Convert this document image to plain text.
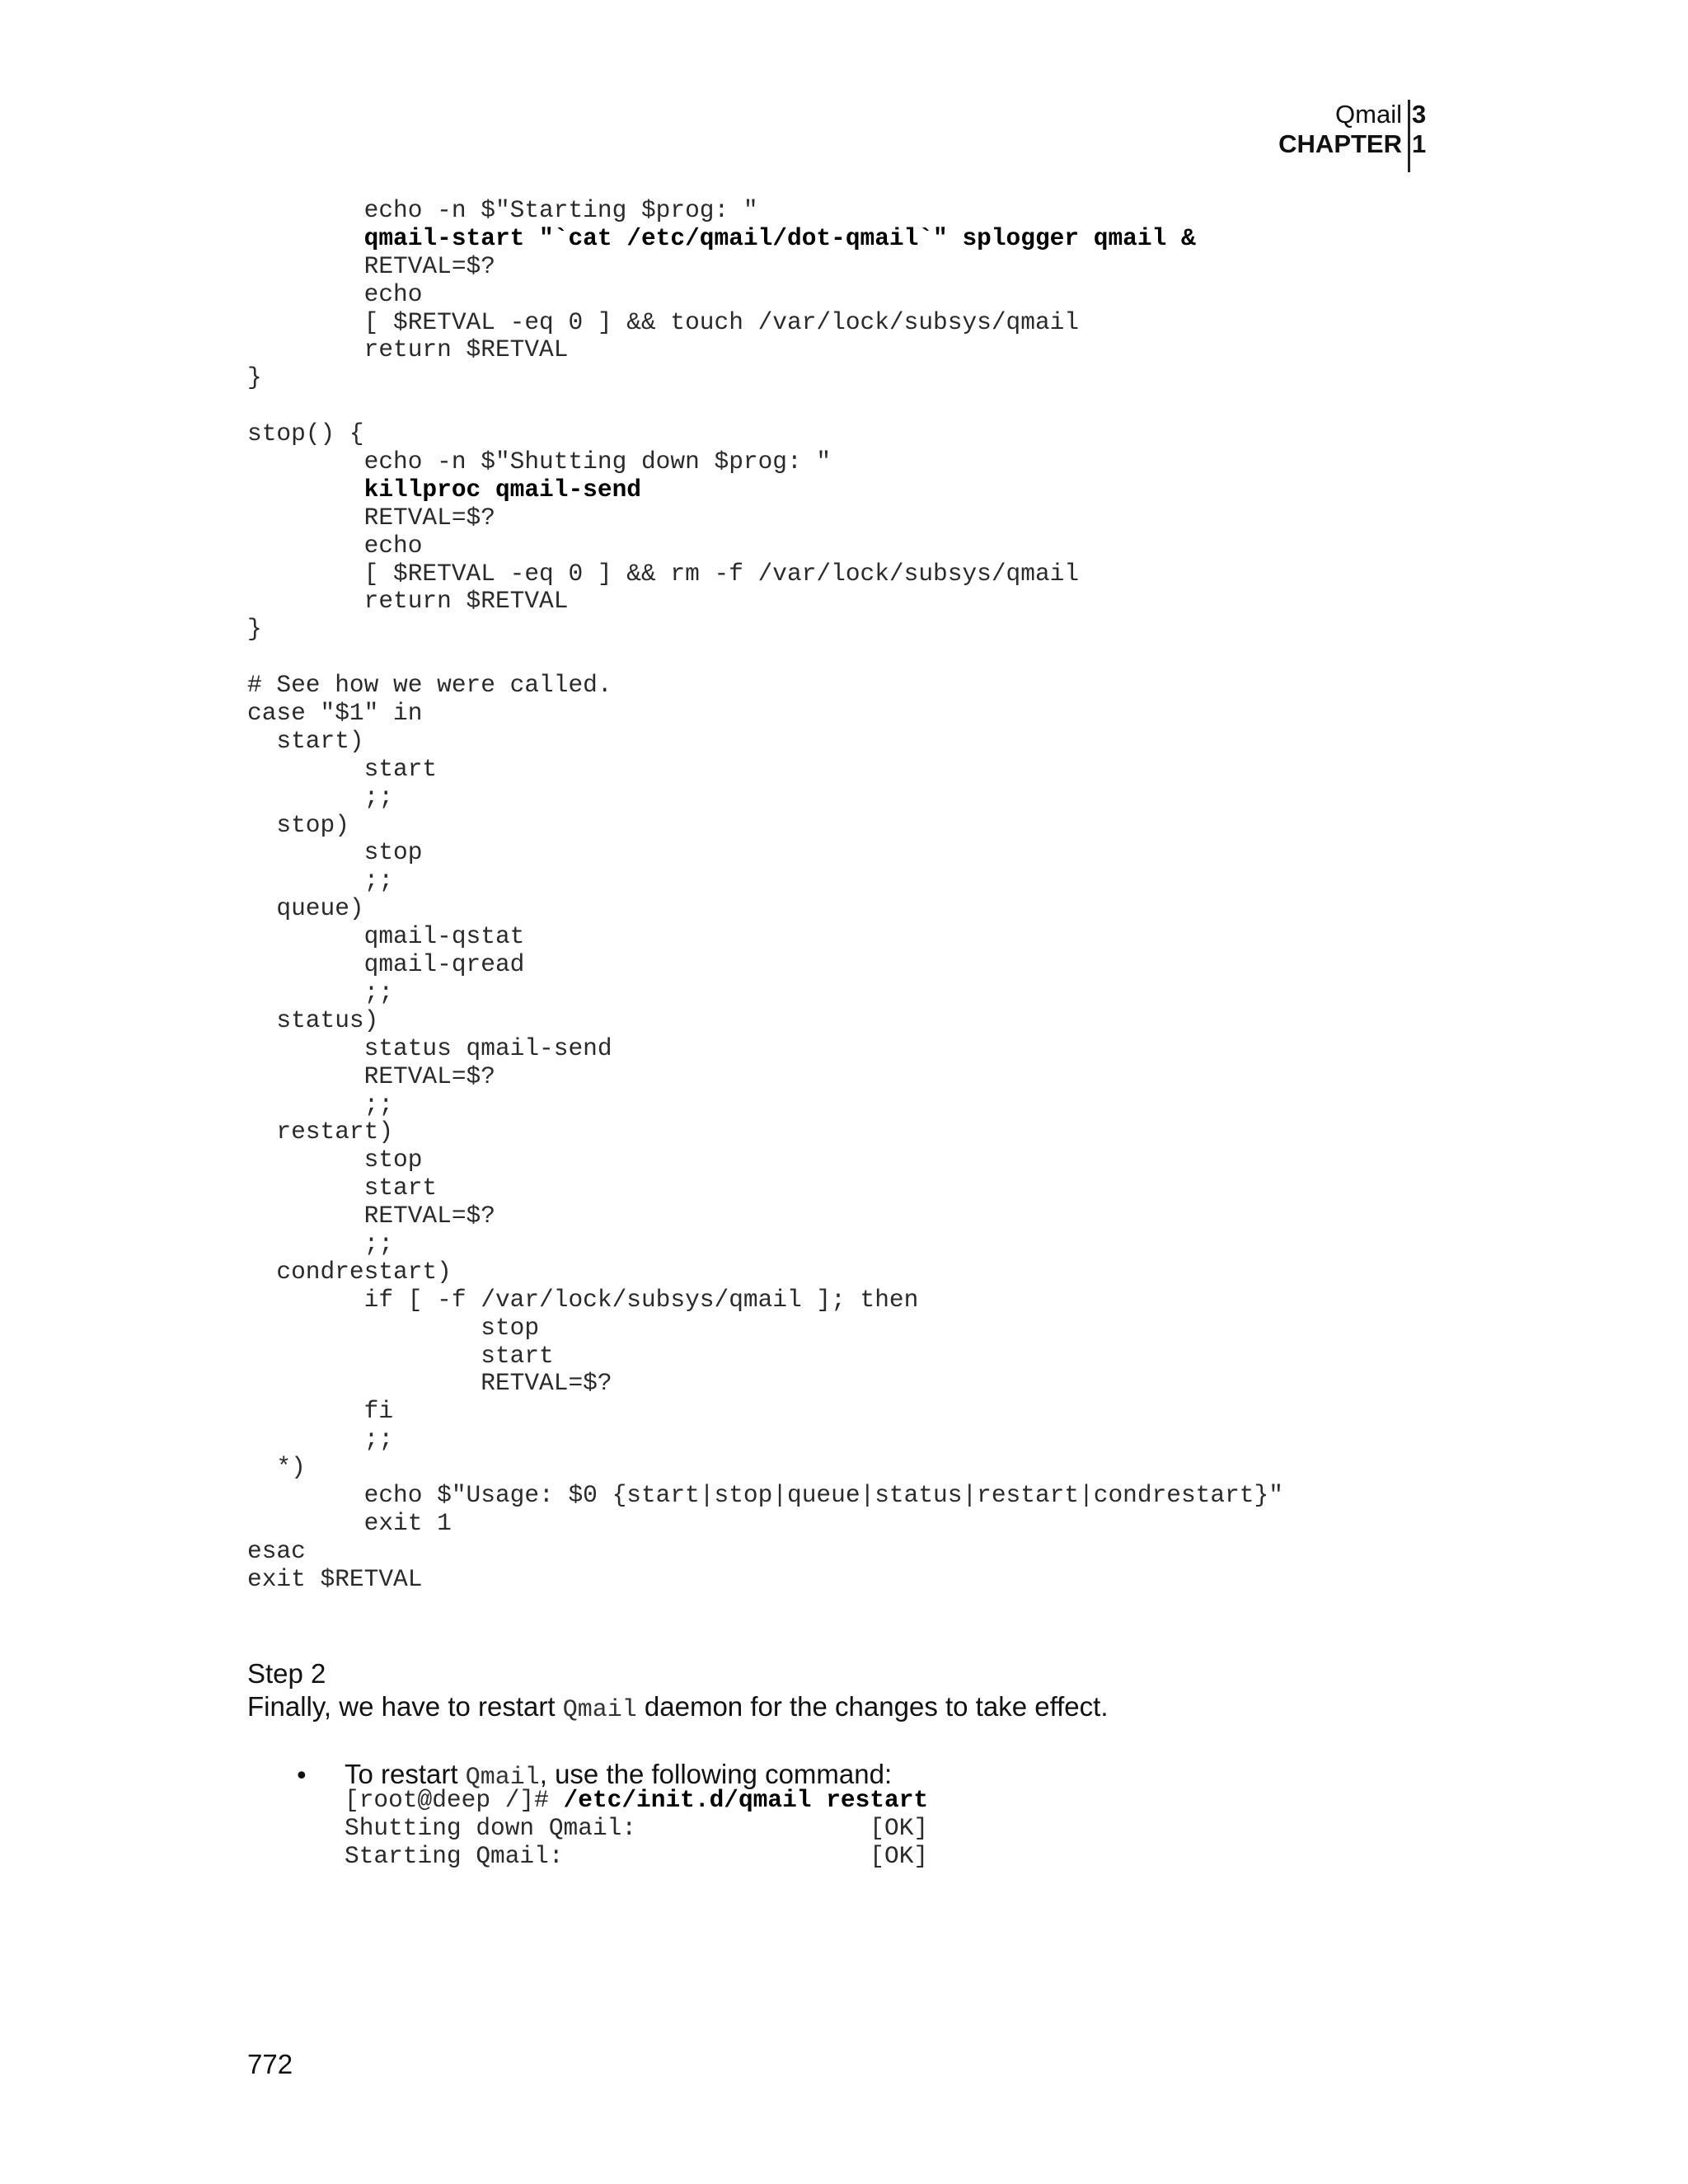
Qmail
CHAPTER
3
1
echo -n $"Starting $prog: "
qmail-start "`cat /etc/qmail/dot-qmail`" splogger qmail &
RETVAL=$?
echo
[ $RETVAL -eq 0 ] && touch /var/lock/subsys/qmail
return $RETVAL
}
stop() {
echo -n $"Shutting down $prog: "
killproc qmail-send
RETVAL=$?
echo
[ $RETVAL -eq 0 ] && rm -f /var/lock/subsys/qmail
return $RETVAL
}
# See how we were called.
case "$1" in
start)
start
;;
stop)
stop
;;
queue)
qmail-qstat
qmail-qread
;;
status)
status qmail-send
RETVAL=$?
;;
restart)
stop
start
RETVAL=$?
;;
condrestart)
if [ -f /var/lock/subsys/qmail ]; then
stop
start
RETVAL=$?
fi
;;
*)
echo $"Usage: $0 {start|stop|queue|status|restart|condrestart}"
exit 1
esac
exit $RETVAL
Step 2
Finally, we have to restart Qmail daemon for the changes to take effect.
• To restart Qmail, use the following command:
[root@deep /]# /etc/init.d/qmail restart
Shutting down Qmail:                [OK]
Starting Qmail:                     [OK]
772
